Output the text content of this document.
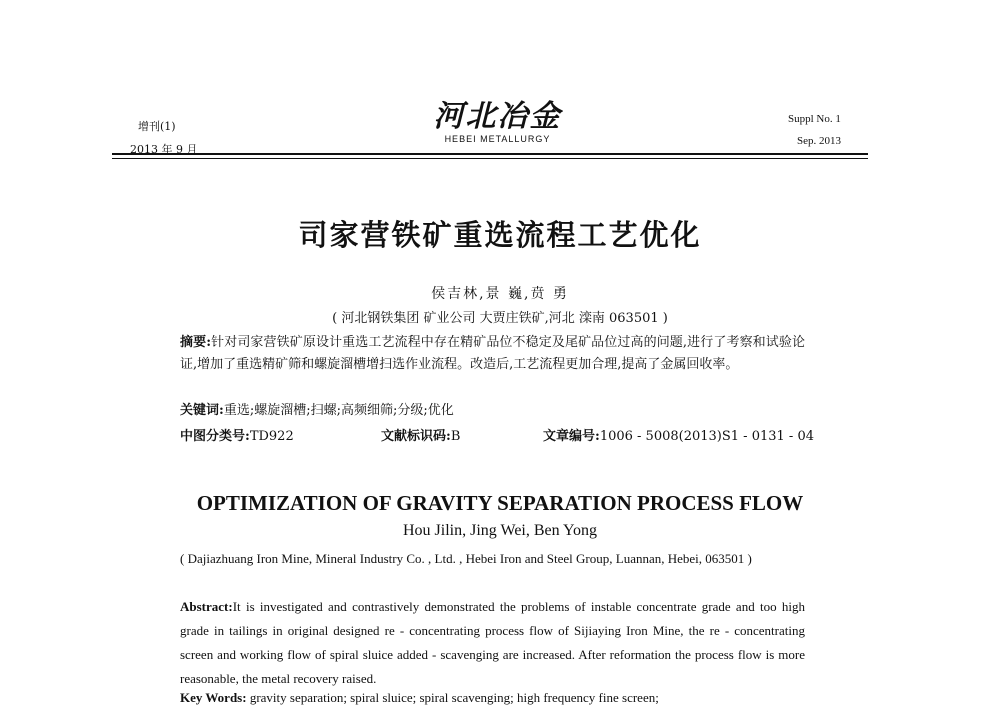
增刊(1)
2013 年 9 月
河北冶金
HEBEI METALLURGY
Suppl No. 1
Sep. 2013
司家营铁矿重选流程工艺优化
侯吉林,景 巍,贲 勇
( 河北钢铁集团 矿业公司 大贾庄铁矿,河北 滦南 063501 )
摘要:针对司家营铁矿原设计重选工艺流程中存在精矿品位不稳定及尾矿品位过高的问题,进行了考察和试验论证,增加了重选精矿筛和螺旋溜槽增扫选作业流程。改造后,工艺流程更加合理,提高了金属回收率。
关键词:重选;螺旋溜槽;扫螺;高频细筛;分级;优化
中图分类号:TD922	文献标识码:B	文章编号:1006 - 5008(2013)S1 - 0131 - 04
OPTIMIZATION OF GRAVITY SEPARATION PROCESS FLOW
Hou Jilin, Jing Wei, Ben Yong
( Dajiazhuang Iron Mine, Mineral Industry Co. , Ltd. , Hebei Iron and Steel Group, Luannan, Hebei, 063501 )
Abstract:It is investigated and contrastively demonstrated the problems of instable concentrate grade and too high grade in tailings in original designed re - concentrating process flow of Sijiaying Iron Mine, the re - concentrating screen and working flow of spiral sluice added - scavenging are increased. After reformation the process flow is more reasonable, the metal recovery raised.
Key Words: gravity separation; spiral sluice; spiral scavenging; high frequency fine screen;
